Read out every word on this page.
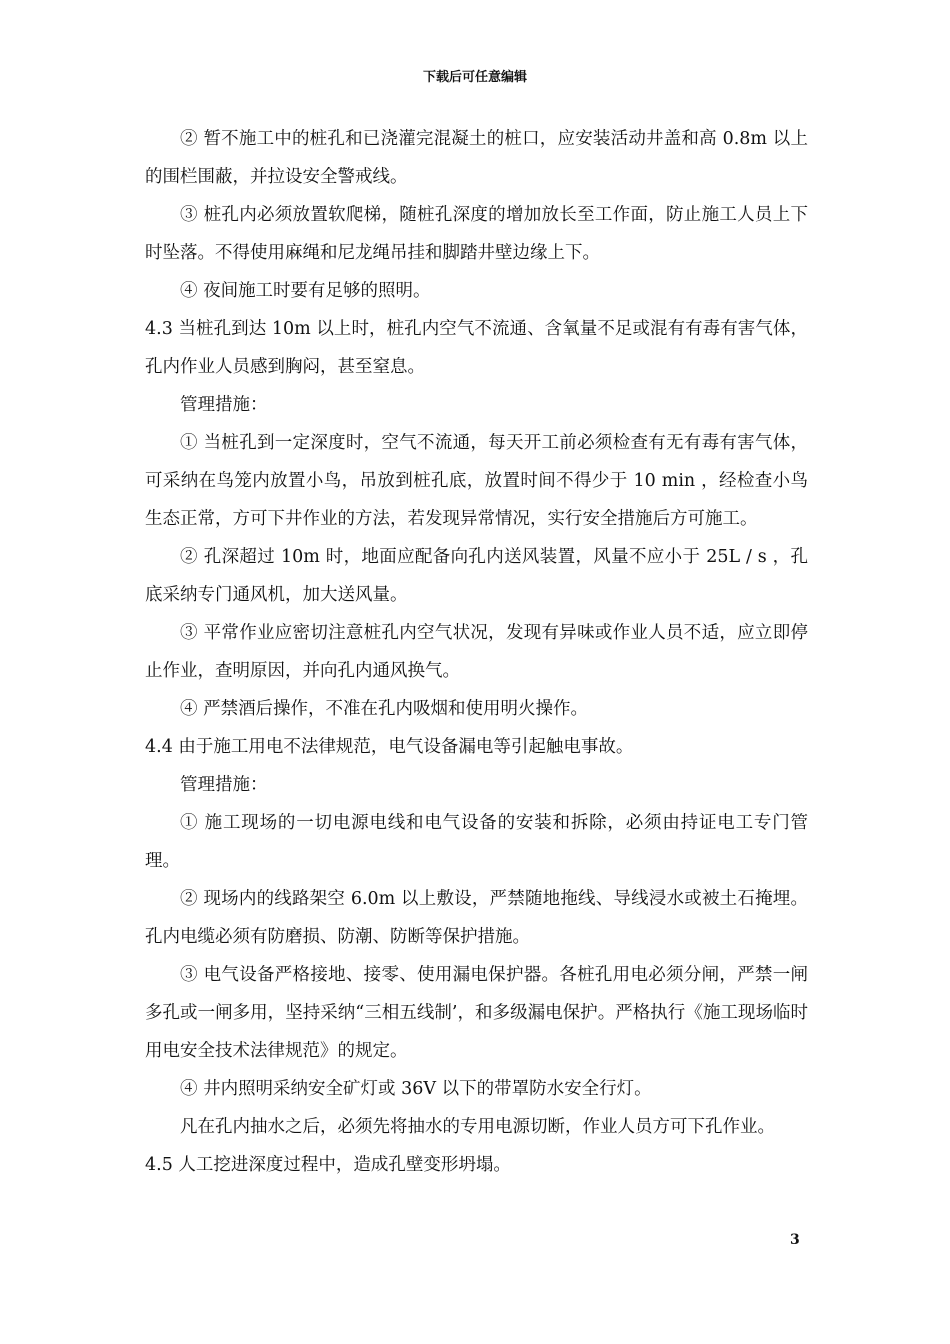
下载后可任意编辑

② 暂不施工中的桩孔和已浇灌完混凝土的桩口，应安装活动井盖和高 0.8m 以上的围栏围蔽，并拉设安全警戒线。

③ 桩孔内必须放置软爬梯，随桩孔深度的增加放长至工作面，防止施工人员上下时坠落。不得使用麻绳和尼龙绳吊挂和脚踏井壁边缘上下。

④ 夜间施工时要有足够的照明。

4.3 当桩孔到达 10m 以上时，桩孔内空气不流通、含氧量不足或混有有毒有害气体，孔内作业人员感到胸闷，甚至窒息。

管理措施：

① 当桩孔到一定深度时，空气不流通，每天开工前必须检查有无有毒有害气体，可采纳在鸟笼内放置小鸟，吊放到桩孔底，放置时间不得少于 10 min ，经检查小鸟生态正常，方可下井作业的方法，若发现异常情况，实行安全措施后方可施工。

② 孔深超过 10m 时，地面应配备向孔内送风装置，风量不应小于 25L / s ，孔底采纳专门通风机，加大送风量。

③ 平常作业应密切注意桩孔内空气状况，发现有异味或作业人员不适，应立即停止作业，查明原因，并向孔内通风换气。

④ 严禁酒后操作，不准在孔内吸烟和使用明火操作。

4.4 由于施工用电不法律规范，电气设备漏电等引起触电事故。

管理措施：

① 施工现场的一切电源电线和电气设备的安装和拆除，必须由持证电工专门管理。

② 现场内的线路架空 6.0m 以上敷设，严禁随地拖线、导线浸水或被土石掩埋。孔内电缆必须有防磨损、防潮、防断等保护措施。

③ 电气设备严格接地、接零、使用漏电保护器。各桩孔用电必须分闸，严禁一闸多孔或一闸多用，坚持采纳“三相五线制’，和多级漏电保护。严格执行《施工现场临时用电安全技术法律规范》的规定。

④ 井内照明采纳安全矿灯或 36V 以下的带罩防水安全行灯。

凡在孔内抽水之后，必须先将抽水的专用电源切断，作业人员方可下孔作业。

4.5 人工挖进深度过程中，造成孔壁变形坍塌。

3
